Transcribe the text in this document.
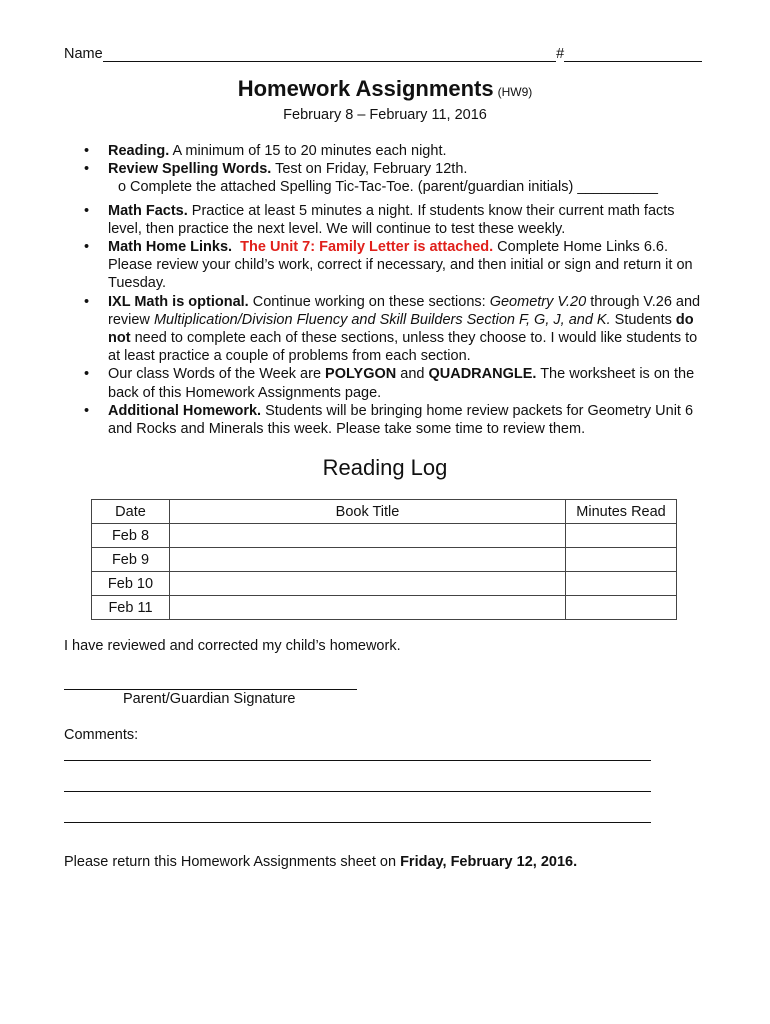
Name	#
Homework Assignments (HW9)
February 8 – February 11, 2016
• Reading. A minimum of 15 to 20 minutes each night.
• Review Spelling Words. Test on Friday, February 12th.
o Complete the attached Spelling Tic-Tac-Toe. (parent/guardian initials) __________
• Math Facts. Practice at least 5 minutes a night. If students know their current math facts level, then practice the next level. We will continue to test these weekly.
• Math Home Links. The Unit 7: Family Letter is attached. Complete Home Links 6.6. Please review your child’s work, correct if necessary, and then initial or sign and return it on Tuesday.
• IXL Math is optional. Continue working on these sections: Geometry V.20 through V.26 and review Multiplication/Division Fluency and Skill Builders Section F, G, J, and K. Students do not need to complete each of these sections, unless they choose to. I would like students to at least practice a couple of problems from each section.
• Our class Words of the Week are POLYGON and QUADRANGLE. The worksheet is on the back of this Homework Assignments page.
• Additional Homework. Students will be bringing home review packets for Geometry Unit 6 and Rocks and Minerals this week. Please take some time to review them.
Reading Log
Date	Book Title	Minutes Read
Feb 8		
Feb 9		
Feb 10		
Feb 11		
I have reviewed and corrected my child’s homework.
Parent/Guardian Signature
Comments:
Please return this Homework Assignments sheet on Friday, February 12, 2016.
